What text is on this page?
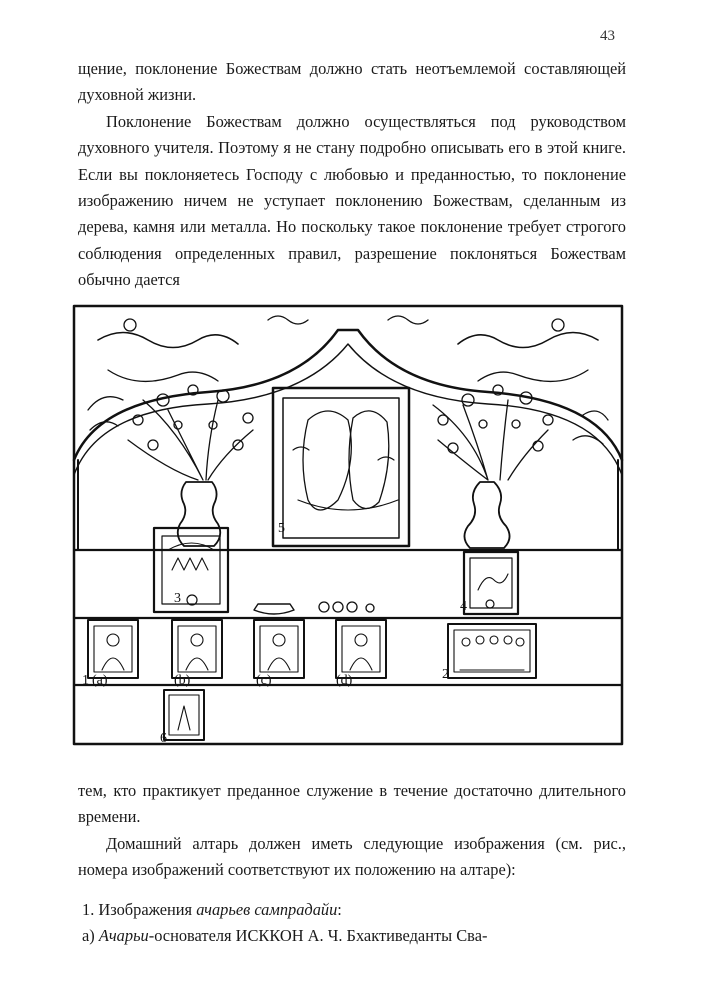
43

щение, поклонение Божествам должно стать неотъемлемой составляющей духовной жизни.

Поклонение Божествам должно осуществляться под руководством духовного учителя. Поэтому я не стану подробно описывать его в этой книге. Если вы поклоняетесь Господу с любовью и преданностью, то поклонение изображению ничем не уступает поклонению Божествам, сделанным из дерева, камня или металла. Но поскольку такое поклонение требует строгого соблюдения определенных правил, разрешение поклоняться Божествам обычно дается

1 (a)	(b)	(c)	(d)	2
3
4
5
6

тем, кто практикует преданное служение в течение достаточно длительного времени.

Домашний алтарь должен иметь следующие изображения (см. рис., номера изображений соответствуют их положению на алтаре):

1. Изображения ачарьев сампрадайи:

а) Ачарьи-основателя ИСККОН А. Ч. Бхактиведанты Сва-
